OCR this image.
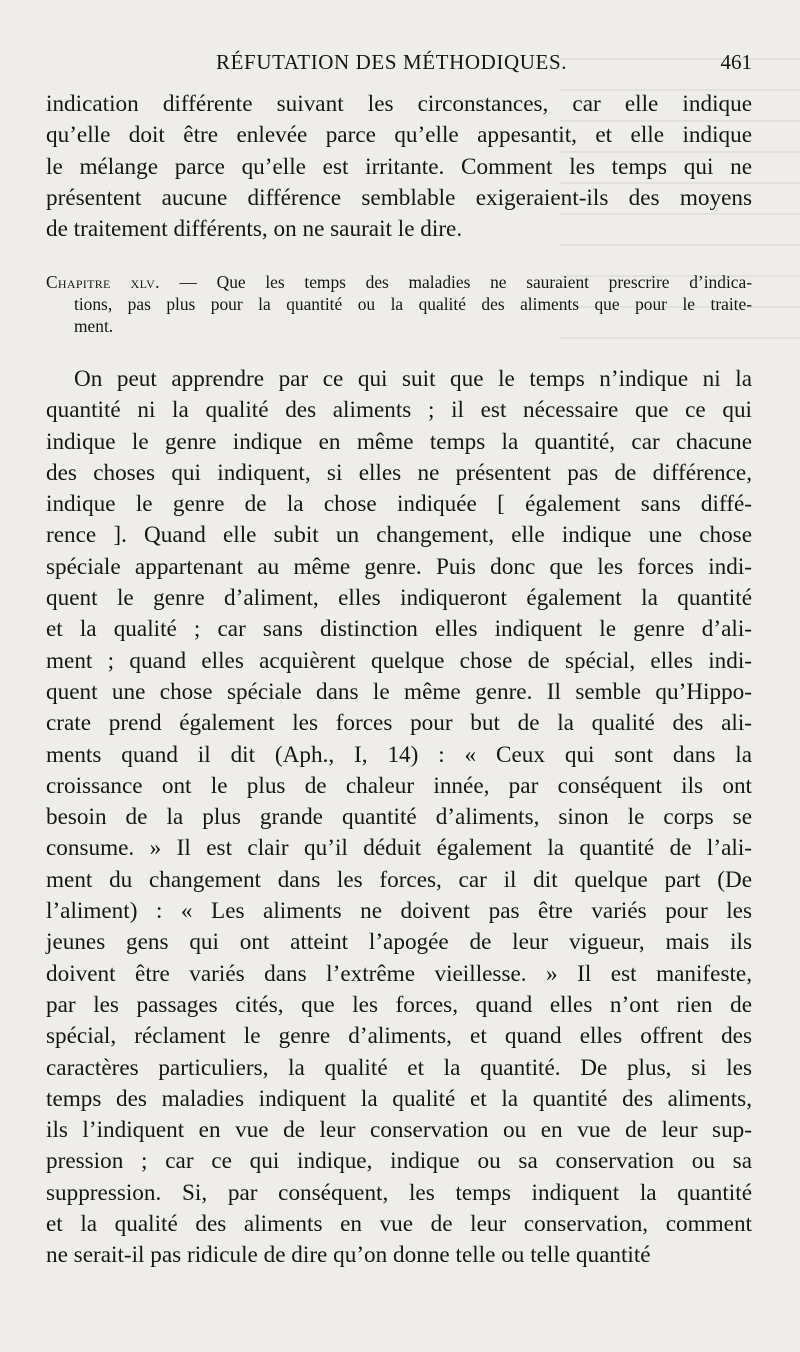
RÉFUTATION DES MÉTHODIQUES.	461
indication différente suivant les circonstances, car elle indique
qu’elle doit être enlevée parce qu’elle appesantit, et elle indique
le mélange parce qu’elle est irritante. Comment les temps qui ne
présentent aucune différence semblable exigeraient-ils des moyens
de traitement différents, on ne saurait le dire.
Chapitre xlv. — Que les temps des maladies ne sauraient prescrire d’indica-
tions, pas plus pour la quantité ou la qualité des aliments que pour le traite-
ment.
On peut apprendre par ce qui suit que le temps n’indique ni la
quantité ni la qualité des aliments ; il est nécessaire que ce qui
indique le genre indique en même temps la quantité, car chacune
des choses qui indiquent, si elles ne présentent pas de différence,
indique le genre de la chose indiquée [ également sans diffé-
rence ]. Quand elle subit un changement, elle indique une chose
spéciale appartenant au même genre. Puis donc que les forces indi-
quent le genre d’aliment, elles indiqueront également la quantité
et la qualité ; car sans distinction elles indiquent le genre d’ali-
ment ; quand elles acquièrent quelque chose de spécial, elles indi-
quent une chose spéciale dans le même genre. Il semble qu’Hippo-
crate prend également les forces pour but de la qualité des ali-
ments quand il dit (Aph., I, 14) : « Ceux qui sont dans la
croissance ont le plus de chaleur innée, par conséquent ils ont
besoin de la plus grande quantité d’aliments, sinon le corps se
consume. » Il est clair qu’il déduit également la quantité de l’ali-
ment du changement dans les forces, car il dit quelque part (De
l’aliment) : « Les aliments ne doivent pas être variés pour les
jeunes gens qui ont atteint l’apogée de leur vigueur, mais ils
doivent être variés dans l’extrême vieillesse. » Il est manifeste,
par les passages cités, que les forces, quand elles n’ont rien de
spécial, réclament le genre d’aliments, et quand elles offrent des
caractères particuliers, la qualité et la quantité. De plus, si les
temps des maladies indiquent la qualité et la quantité des aliments,
ils l’indiquent en vue de leur conservation ou en vue de leur sup-
pression ; car ce qui indique, indique ou sa conservation ou sa
suppression. Si, par conséquent, les temps indiquent la quantité
et la qualité des aliments en vue de leur conservation, comment
ne serait-il pas ridicule de dire qu’on donne telle ou telle quantité
